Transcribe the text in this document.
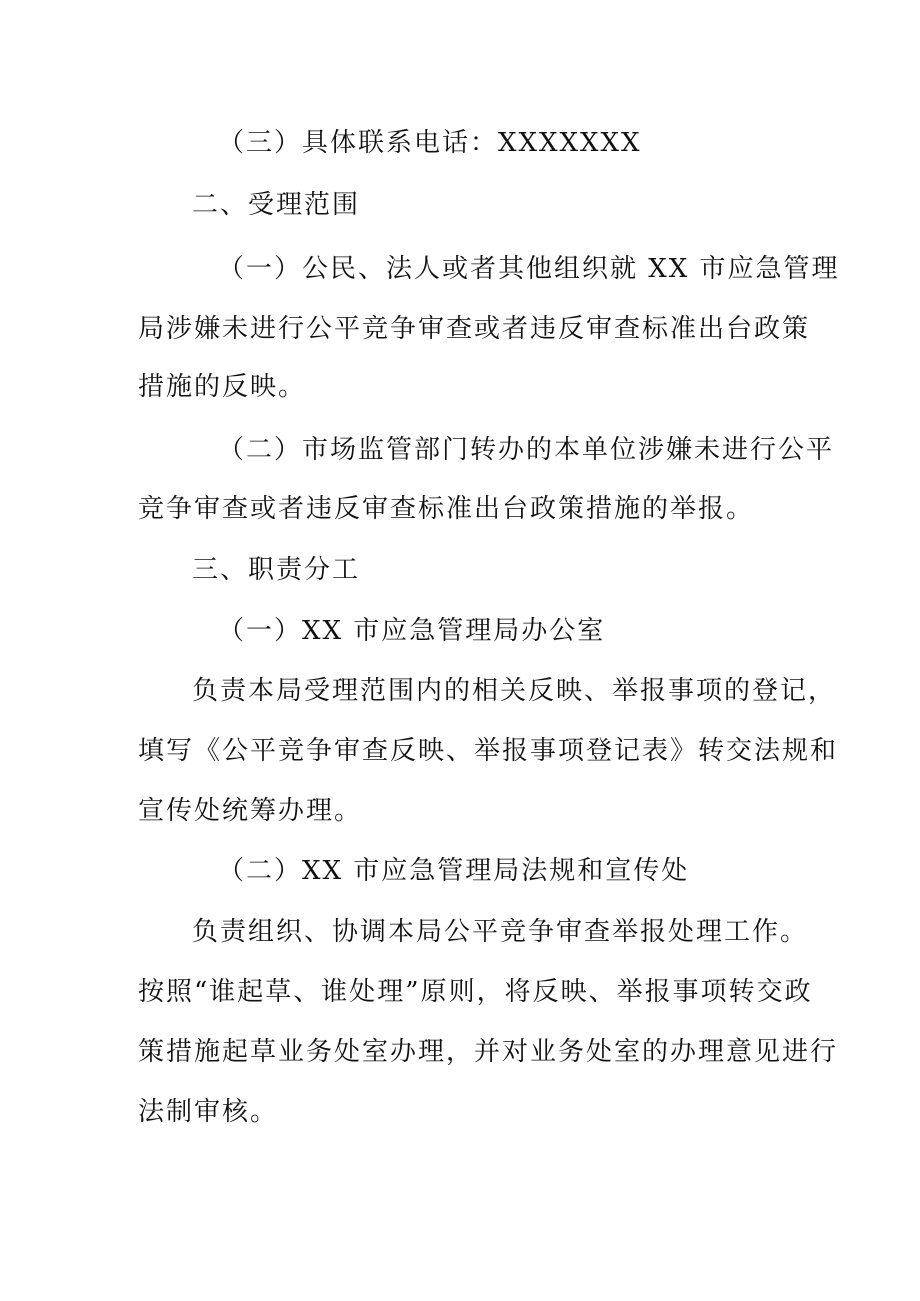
（三）具体联系电话：XXXXXXX
二、受理范围
（一）公民、法人或者其他组织就 XX 市应急管理
局涉嫌未进行公平竞争审查或者违反审查标准出台政策
措施的反映。
（二）市场监管部门转办的本单位涉嫌未进行公平
竞争审查或者违反审查标准出台政策措施的举报。
三、职责分工
（一）XX 市应急管理局办公室
负责本局受理范围内的相关反映、举报事项的登记，
填写《公平竞争审查反映、举报事项登记表》转交法规和
宣传处统筹办理。
（二）XX 市应急管理局法规和宣传处
负责组织、协调本局公平竞争审查举报处理工作。
按照“谁起草、谁处理”原则，将反映、举报事项转交政
策措施起草业务处室办理，并对业务处室的办理意见进行
法制审核。
